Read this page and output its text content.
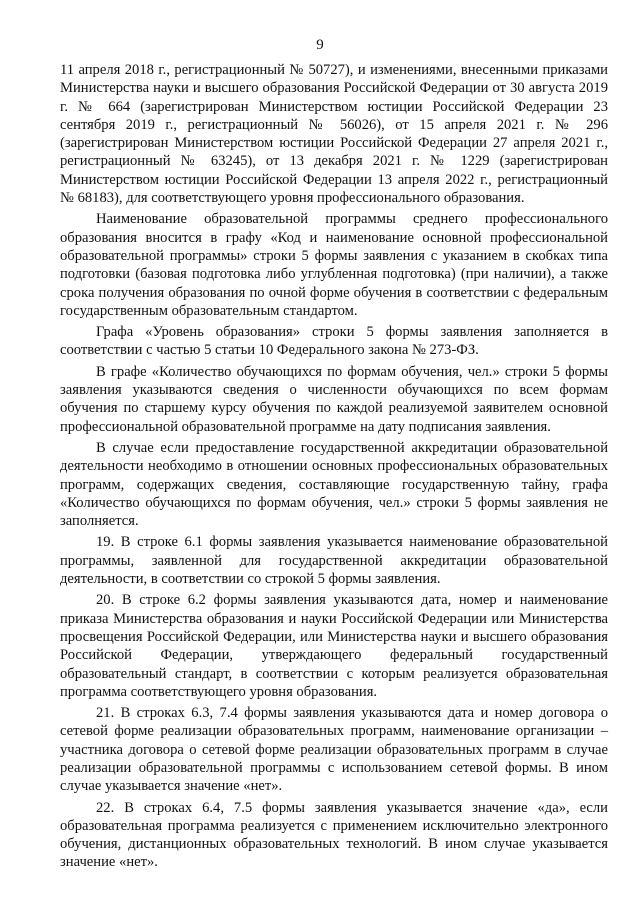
9

11 апреля 2018 г., регистрационный № 50727), и изменениями, внесенными приказами Министерства науки и высшего образования Российской Федерации от 30 августа 2019 г. № 664 (зарегистрирован Министерством юстиции Российской Федерации 23 сентября 2019 г., регистрационный № 56026), от 15 апреля 2021 г. № 296 (зарегистрирован Министерством юстиции Российской Федерации 27 апреля 2021 г., регистрационный № 63245), от 13 декабря 2021 г. № 1229 (зарегистрирован Министерством юстиции Российской Федерации 13 апреля 2022 г., регистрационный № 68183), для соответствующего уровня профессионального образования.

Наименование образовательной программы среднего профессионального образования вносится в графу «Код и наименование основной профессиональной образовательной программы» строки 5 формы заявления с указанием в скобках типа подготовки (базовая подготовка либо углубленная подготовка) (при наличии), а также срока получения образования по очной форме обучения в соответствии с федеральным государственным образовательным стандартом.

Графа «Уровень образования» строки 5 формы заявления заполняется в соответствии с частью 5 статьи 10 Федерального закона № 273-ФЗ.

В графе «Количество обучающихся по формам обучения, чел.» строки 5 формы заявления указываются сведения о численности обучающихся по всем формам обучения по старшему курсу обучения по каждой реализуемой заявителем основной профессиональной образовательной программе на дату подписания заявления.

В случае если предоставление государственной аккредитации образовательной деятельности необходимо в отношении основных профессиональных образовательных программ, содержащих сведения, составляющие государственную тайну, графа «Количество обучающихся по формам обучения, чел.» строки 5 формы заявления не заполняется.

19. В строке 6.1 формы заявления указывается наименование образовательной программы, заявленной для государственной аккредитации образовательной деятельности, в соответствии со строкой 5 формы заявления.

20. В строке 6.2 формы заявления указываются дата, номер и наименование приказа Министерства образования и науки Российской Федерации или Министерства просвещения Российской Федерации, или Министерства науки и высшего образования Российской Федерации, утверждающего федеральный государственный образовательный стандарт, в соответствии с которым реализуется образовательная программа соответствующего уровня образования.

21. В строках 6.3, 7.4 формы заявления указываются дата и номер договора о сетевой форме реализации образовательных программ, наименование организации – участника договора о сетевой форме реализации образовательных программ в случае реализации образовательной программы с использованием сетевой формы. В ином случае указывается значение «нет».

22. В строках 6.4, 7.5 формы заявления указывается значение «да», если образовательная программа реализуется с применением исключительно электронного обучения, дистанционных образовательных технологий. В ином случае указывается значение «нет».
